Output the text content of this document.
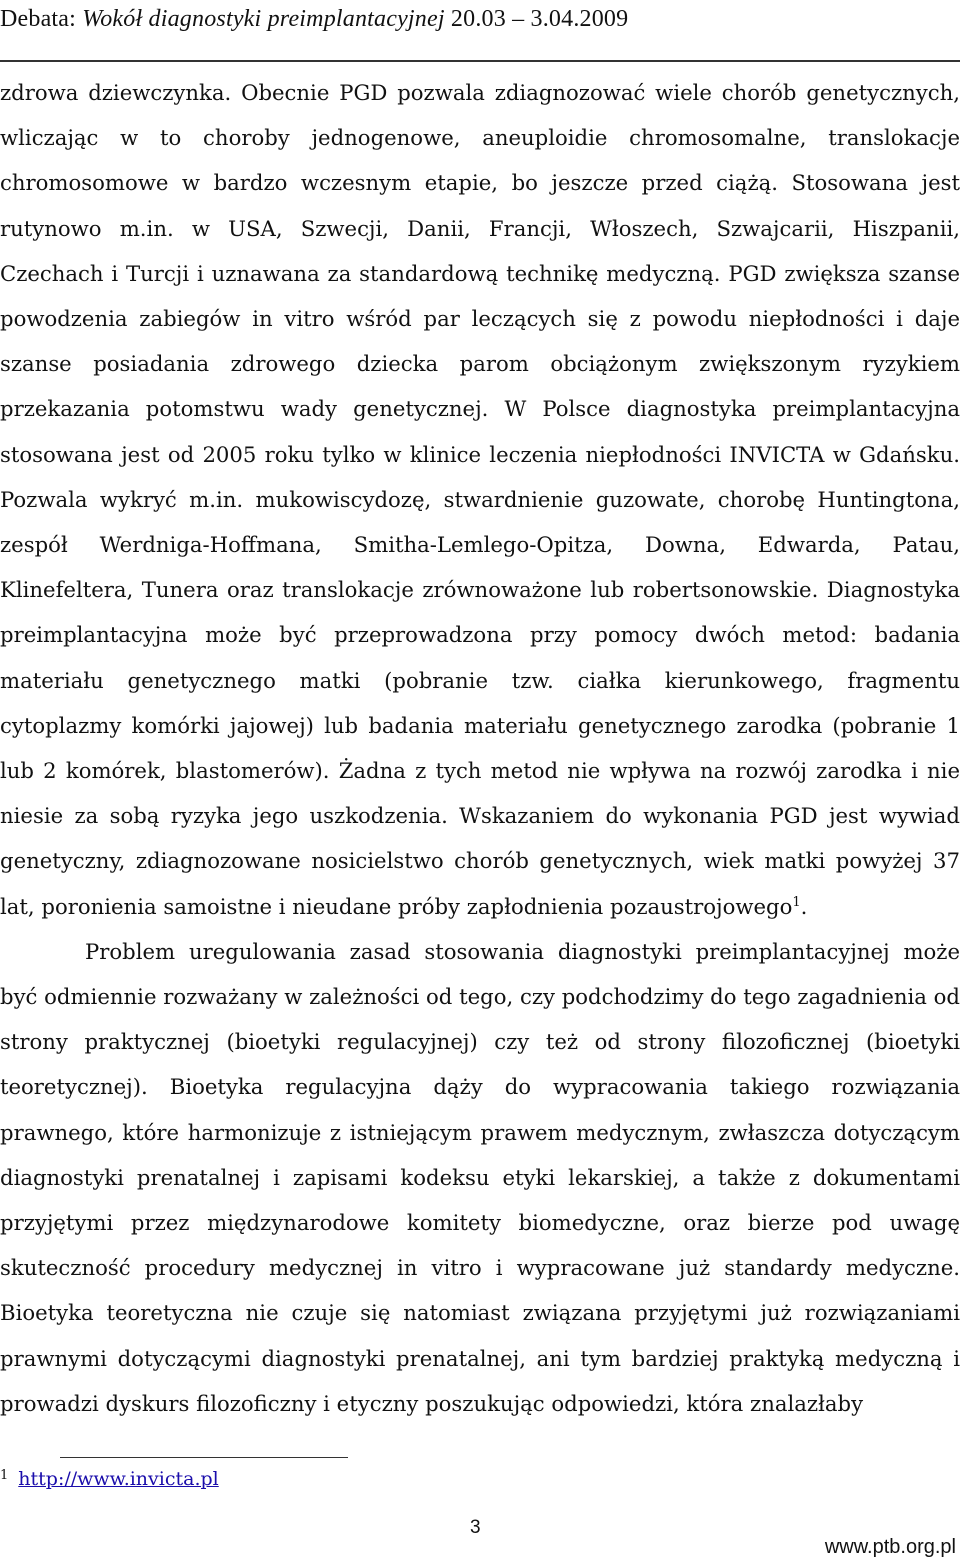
Debata: Wokół diagnostyki preimplantacyjnej 20.03 – 3.04.2009

zdrowa dziewczynka. Obecnie PGD pozwala zdiagnozować wiele chorób genetycznych, wliczając w to choroby jednogenowe, aneuploidie chromosomalne, translokacje chromosomowe w bardzo wczesnym etapie, bo jeszcze przed ciążą. Stosowana jest rutynowo m.in. w USA, Szwecji, Danii, Francji, Włoszech, Szwajcarii, Hiszpanii, Czechach i Turcji i uznawana za standardową technikę medyczną. PGD zwiększa szanse powodzenia zabiegów in vitro wśród par leczących się z powodu niepłodności i daje szanse posiadania zdrowego dziecka parom obciążonym zwiększonym ryzykiem przekazania potomstwu wady genetycznej. W Polsce diagnostyka preimplantacyjna stosowana jest od 2005 roku tylko w klinice leczenia niepłodności INVICTA w Gdańsku. Pozwala wykryć m.in. mukowiscydozę, stwardnienie guzowate, chorobę Huntingtona, zespół Werdniga-Hoffmana, Smitha-Lemlego-Opitza, Downa, Edwarda, Patau, Klinefeltera, Tunera oraz translokacje zrównoważone lub robertsonowskie. Diagnostyka preimplantacyjna może być przeprowadzona przy pomocy dwóch metod: badania materiału genetycznego matki (pobranie tzw. ciałka kierunkowego, fragmentu cytoplazmy komórki jajowej) lub badania materiału genetycznego zarodka (pobranie 1 lub 2 komórek, blastomerów). Żadna z tych metod nie wpływa na rozwój zarodka i nie niesie za sobą ryzyka jego uszkodzenia. Wskazaniem do wykonania PGD jest wywiad genetyczny, zdiagnozowane nosicielstwo chorób genetycznych, wiek matki powyżej 37 lat, poronienia samoistne i nieudane próby zapłodnienia pozaustrojowego$^1$.

Problem uregulowania zasad stosowania diagnostyki preimplantacyjnej może być odmiennie rozważany w zależności od tego, czy podchodzimy do tego zagadnienia od strony praktycznej (bioetyki regulacyjnej) czy też od strony filozoficznej (bioetyki teoretycznej). Bioetyka regulacyjna dąży do wypracowania takiego rozwiązania prawnego, które harmonizuje z istniejącym prawem medycznym, zwłaszcza dotyczącym diagnostyki prenatalnej i zapisami kodeksu etyki lekarskiej, a także z dokumentami przyjętymi przez międzynarodowe komitety biomedyczne, oraz bierze pod uwagę skuteczność procedury medycznej in vitro i wypracowane już standardy medyczne. Bioetyka teoretyczna nie czuje się natomiast związana przyjętymi już rozwiązaniami prawnymi dotyczącymi diagnostyki prenatalnej, ani tym bardziej praktyką medyczną i prowadzi dyskurs filozoficzny i etyczny poszukując odpowiedzi, która znalazłaby

$^1$ http://www.invicta.pl
3
www.ptb.org.pl
